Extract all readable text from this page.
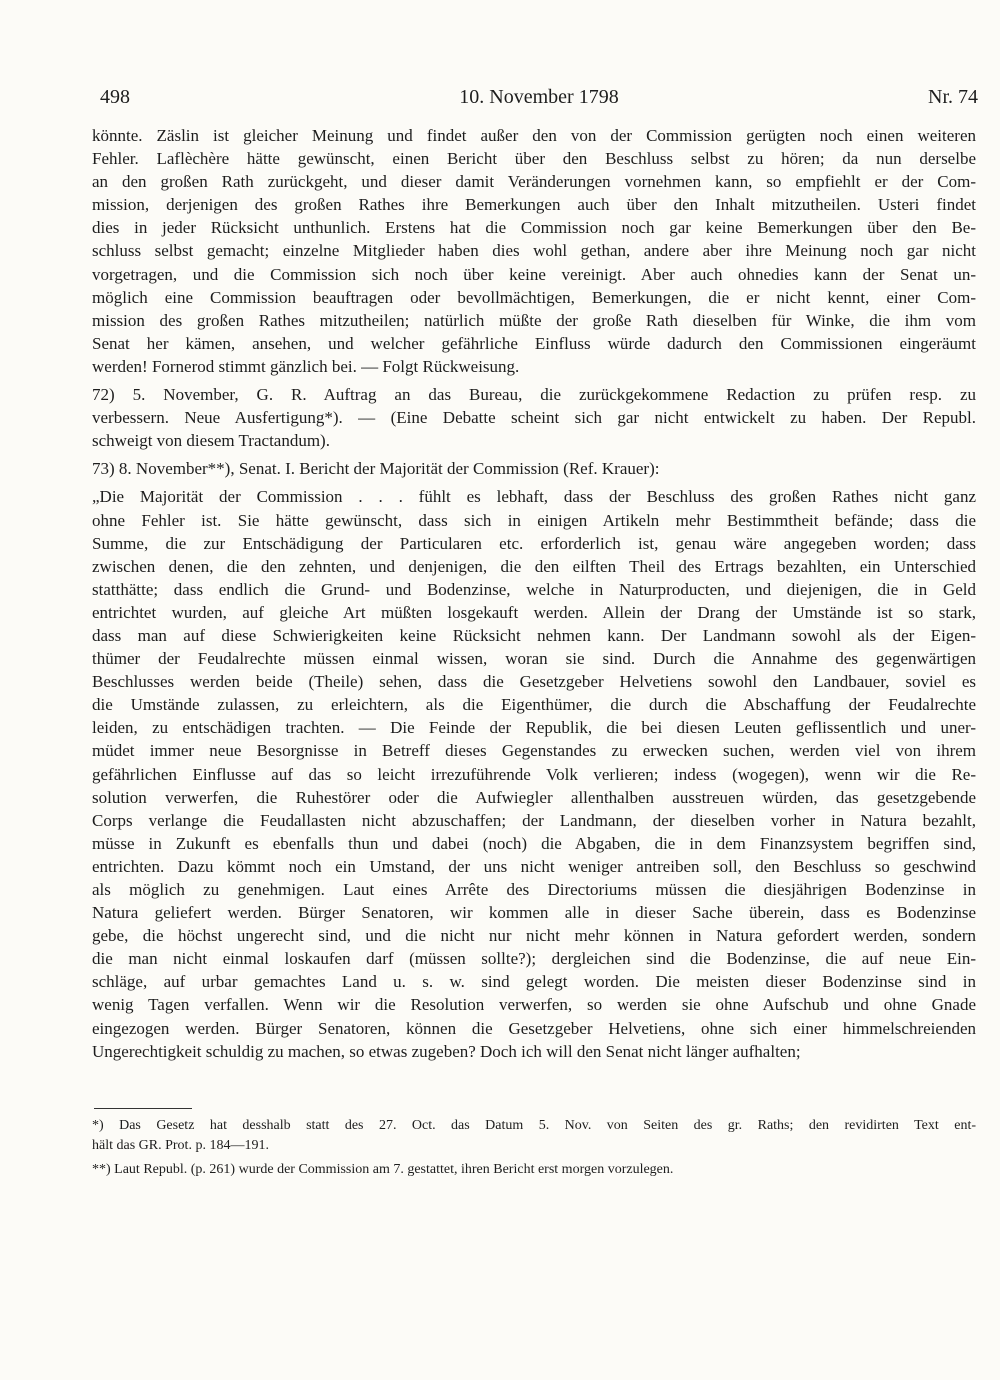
498	10. November 1798	Nr. 74
könnte. Zäslin ist gleicher Meinung und findet außer den von der Commission gerügten noch einen weiteren
Fehler. Laflèchère hätte gewünscht, einen Bericht über den Beschluss selbst zu hören; da nun derselbe
an den großen Rath zurückgeht, und dieser damit Veränderungen vornehmen kann, so empfiehlt er der Com-
mission, derjenigen des großen Rathes ihre Bemerkungen auch über den Inhalt mitzutheilen. Usteri findet
dies in jeder Rücksicht unthunlich. Erstens hat die Commission noch gar keine Bemerkungen über den Be-
schluss selbst gemacht; einzelne Mitglieder haben dies wohl gethan, andere aber ihre Meinung noch gar nicht
vorgetragen, und die Commission sich noch über keine vereinigt. Aber auch ohnedies kann der Senat un-
möglich eine Commission beauftragen oder bevollmächtigen, Bemerkungen, die er nicht kennt, einer Com-
mission des großen Rathes mitzutheilen; natürlich müßte der große Rath dieselben für Winke, die ihm vom
Senat her kämen, ansehen, und welcher gefährliche Einfluss würde dadurch den Commissionen eingeräumt
werden! Fornerod stimmt gänzlich bei. — Folgt Rückweisung.
72) 5. November, G. R. Auftrag an das Bureau, die zurückgekommene Redaction zu prüfen resp. zu
verbessern. Neue Ausfertigung*). — (Eine Debatte scheint sich gar nicht entwickelt zu haben. Der Republ.
schweigt von diesem Tractandum).
73) 8. November**), Senat. I. Bericht der Majorität der Commission (Ref. Krauer):
„Die Majorität der Commission . . . fühlt es lebhaft, dass der Beschluss des großen Rathes nicht ganz
ohne Fehler ist. Sie hätte gewünscht, dass sich in einigen Artikeln mehr Bestimmtheit befände; dass die
Summe, die zur Entschädigung der Particularen etc. erforderlich ist, genau wäre angegeben worden; dass
zwischen denen, die den zehnten, und denjenigen, die den eilften Theil des Ertrags bezahlten, ein Unterschied
statthätte; dass endlich die Grund- und Bodenzinse, welche in Naturproducten, und diejenigen, die in Geld
entrichtet wurden, auf gleiche Art müßten losgekauft werden. Allein der Drang der Umstände ist so stark,
dass man auf diese Schwierigkeiten keine Rücksicht nehmen kann. Der Landmann sowohl als der Eigen-
thümer der Feudalrechte müssen einmal wissen, woran sie sind. Durch die Annahme des gegenwärtigen
Beschlusses werden beide (Theile) sehen, dass die Gesetzgeber Helvetiens sowohl den Landbauer, soviel es
die Umstände zulassen, zu erleichtern, als die Eigenthümer, die durch die Abschaffung der Feudalrechte
leiden, zu entschädigen trachten. — Die Feinde der Republik, die bei diesen Leuten geflissentlich und uner-
müdet immer neue Besorgnisse in Betreff dieses Gegenstandes zu erwecken suchen, werden viel von ihrem
gefährlichen Einflusse auf das so leicht irrezuführende Volk verlieren; indess (wogegen), wenn wir die Re-
solution verwerfen, die Ruhestörer oder die Aufwiegler allenthalben ausstreuen würden, das gesetzgebende
Corps verlange die Feudallasten nicht abzuschaffen; der Landmann, der dieselben vorher in Natura bezahlt,
müsse in Zukunft es ebenfalls thun und dabei (noch) die Abgaben, die in dem Finanzsystem begriffen sind,
entrichten. Dazu kömmt noch ein Umstand, der uns nicht weniger antreiben soll, den Beschluss so geschwind
als möglich zu genehmigen. Laut eines Arrête des Directoriums müssen die diesjährigen Bodenzinse in
Natura geliefert werden. Bürger Senatoren, wir kommen alle in dieser Sache überein, dass es Bodenzinse
gebe, die höchst ungerecht sind, und die nicht nur nicht mehr können in Natura gefordert werden, sondern
die man nicht einmal loskaufen darf (müssen sollte?); dergleichen sind die Bodenzinse, die auf neue Ein-
schläge, auf urbar gemachtes Land u. s. w. sind gelegt worden. Die meisten dieser Bodenzinse sind in
wenig Tagen verfallen. Wenn wir die Resolution verwerfen, so werden sie ohne Aufschub und ohne Gnade
eingezogen werden. Bürger Senatoren, können die Gesetzgeber Helvetiens, ohne sich einer himmelschreienden
Ungerechtigkeit schuldig zu machen, so etwas zugeben? Doch ich will den Senat nicht länger aufhalten;
*) Das Gesetz hat desshalb statt des 27. Oct. das Datum 5. Nov. von Seiten des gr. Raths; den revidirten Text ent-
hält das GR. Prot. p. 184—191.
**) Laut Republ. (p. 261) wurde der Commission am 7. gestattet, ihren Bericht erst morgen vorzulegen.
